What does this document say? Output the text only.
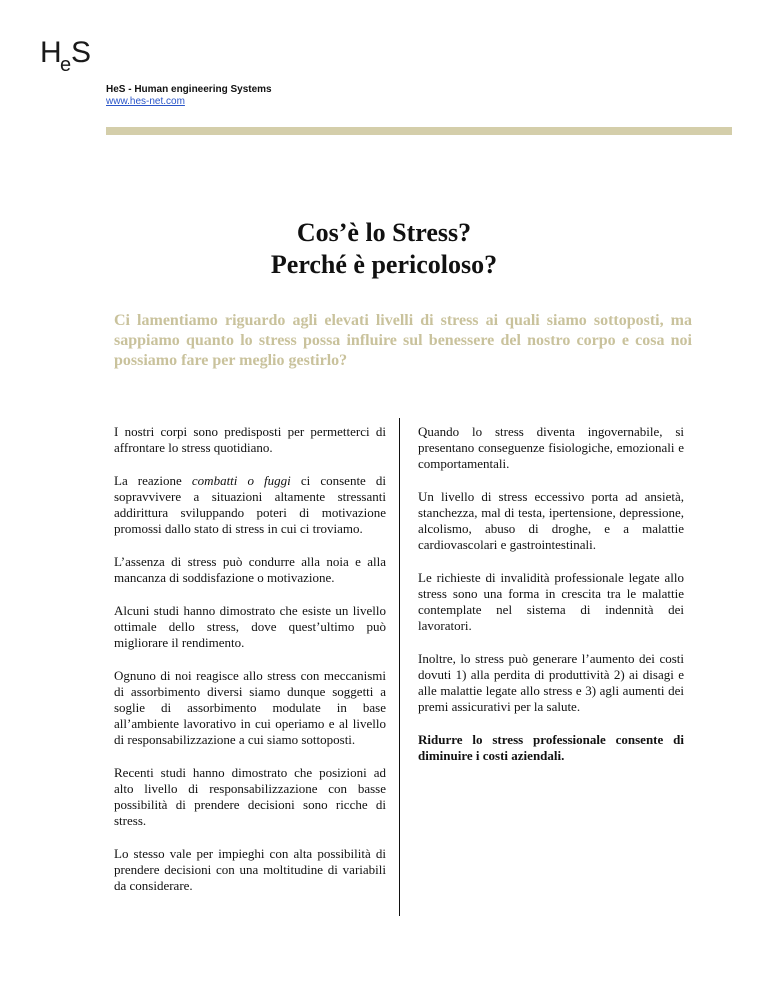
H
e S
HeS - Human engineering Systems
www.hes-net.com
Cos’è lo Stress?
Perché è pericoloso?
Ci lamentiamo riguardo agli elevati livelli di stress ai quali siamo sottoposti, ma sappiamo quanto lo stress possa influire sul benessere del nostro corpo e cosa noi possiamo fare per meglio gestirlo?

I nostri corpi sono predisposti per permetterci di affrontare lo stress quotidiano.

La reazione combatti o fuggi ci consente di sopravvivere a situazioni altamente stressanti addirittura sviluppando poteri di motivazione promossi dallo stato di stress in cui ci troviamo.

L’assenza di stress può condurre alla noia e alla mancanza di soddisfazione o motivazione.

Alcuni studi hanno dimostrato che esiste un livello ottimale dello stress, dove quest’ultimo può migliorare il rendimento.

Ognuno di noi reagisce allo stress con meccanismi di assorbimento diversi siamo dunque soggetti a soglie di assorbimento modulate in base all’ambiente lavorativo in cui operiamo e al livello di responsabilizzazione a cui siamo sottoposti.

Recenti studi hanno dimostrato che posizioni ad alto livello di responsabilizzazione con basse possibilità di prendere decisioni sono ricche di stress.

Lo stesso vale per impieghi con alta possibilità di prendere decisioni con una moltitudine di variabili da considerare.

Quando lo stress diventa ingovernabile, si presentano conseguenze fisiologiche, emozionali e comportamentali.

Un livello di stress eccessivo porta ad ansietà, stanchezza, mal di testa, ipertensione, depressione, alcolismo, abuso di droghe, e a malattie cardiovascolari e gastrointestinali.

Le richieste di invalidità professionale legate allo stress sono una forma in crescita tra le malattie contemplate nel sistema di indennità dei lavoratori.

Inoltre, lo stress può generare l’aumento dei costi dovuti 1) alla perdita di produttività 2) ai disagi e alle malattie legate allo stress e 3) agli aumenti dei premi assicurativi per la salute.

Ridurre lo stress professionale consente di diminuire i costi aziendali.
